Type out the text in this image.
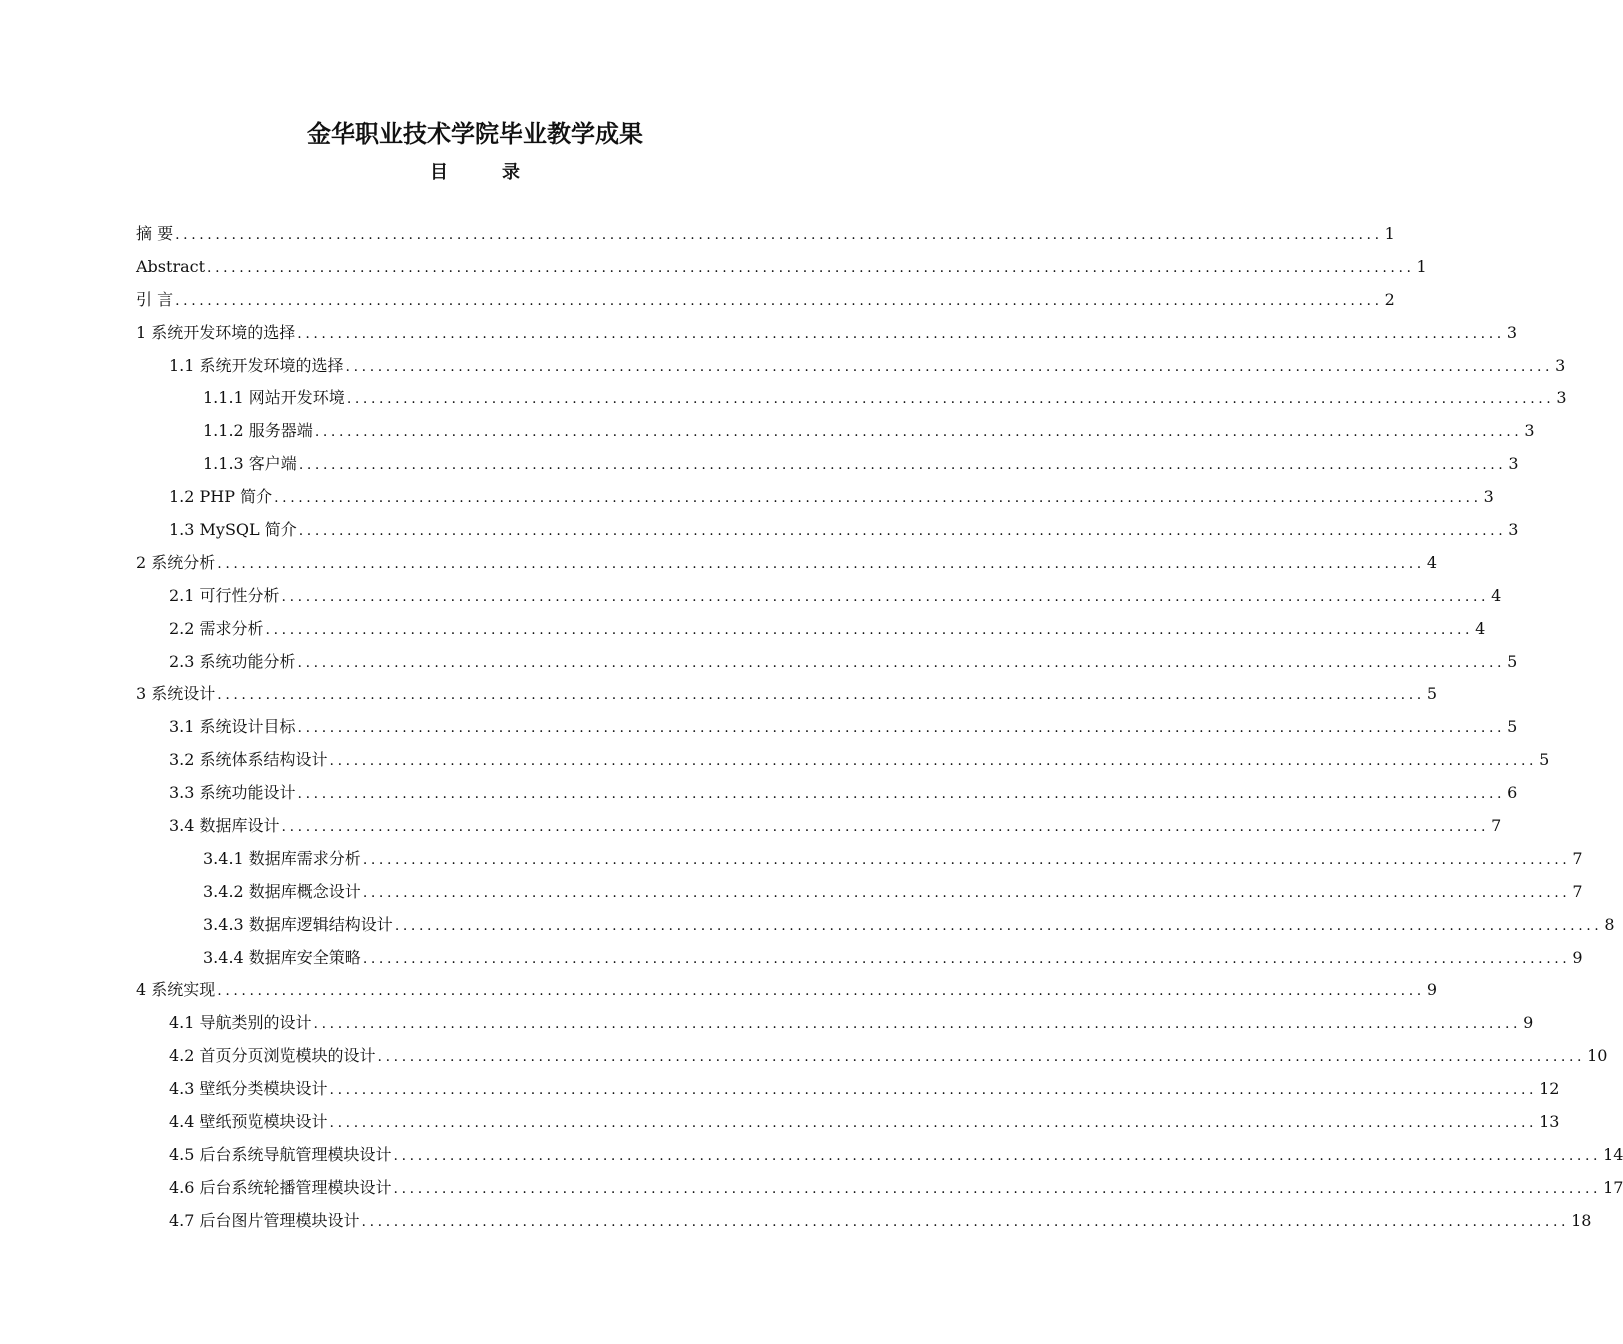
金华职业技术学院毕业教学成果
目	录
摘 要 ...................................................................................................................................................... 1
Abstract ...................................................................................................................................................... 1
引 言 ...................................................................................................................................................... 2
1 系统开发环境的选择 ...................................................................................................................................................... 3
1.1 系统开发环境的选择 ...................................................................................................................................................... 3
1.1.1 网站开发环境 ...................................................................................................................................................... 3
1.1.2 服务器端 ...................................................................................................................................................... 3
1.1.3 客户端 ...................................................................................................................................................... 3
1.2 PHP 简介 ...................................................................................................................................................... 3
1.3 MySQL 简介 ...................................................................................................................................................... 3
2 系统分析 ...................................................................................................................................................... 4
2.1 可行性分析 ...................................................................................................................................................... 4
2.2 需求分析 ...................................................................................................................................................... 4
2.3 系统功能分析 ...................................................................................................................................................... 5
3 系统设计 ...................................................................................................................................................... 5
3.1 系统设计目标 ...................................................................................................................................................... 5
3.2 系统体系结构设计 ...................................................................................................................................................... 5
3.3 系统功能设计 ...................................................................................................................................................... 6
3.4 数据库设计 ...................................................................................................................................................... 7
3.4.1 数据库需求分析 ...................................................................................................................................................... 7
3.4.2 数据库概念设计 ...................................................................................................................................................... 7
3.4.3 数据库逻辑结构设计 ...................................................................................................................................................... 8
3.4.4 数据库安全策略 ...................................................................................................................................................... 9
4 系统实现 ...................................................................................................................................................... 9
4.1 导航类别的设计 ...................................................................................................................................................... 9
4.2 首页分页浏览模块的设计 ...................................................................................................................................................... 10
4.3 壁纸分类模块设计 ...................................................................................................................................................... 12
4.4 壁纸预览模块设计 ...................................................................................................................................................... 13
4.5 后台系统导航管理模块设计 ...................................................................................................................................................... 14
4.6 后台系统轮播管理模块设计 ...................................................................................................................................................... 17
4.7 后台图片管理模块设计 ...................................................................................................................................................... 18
